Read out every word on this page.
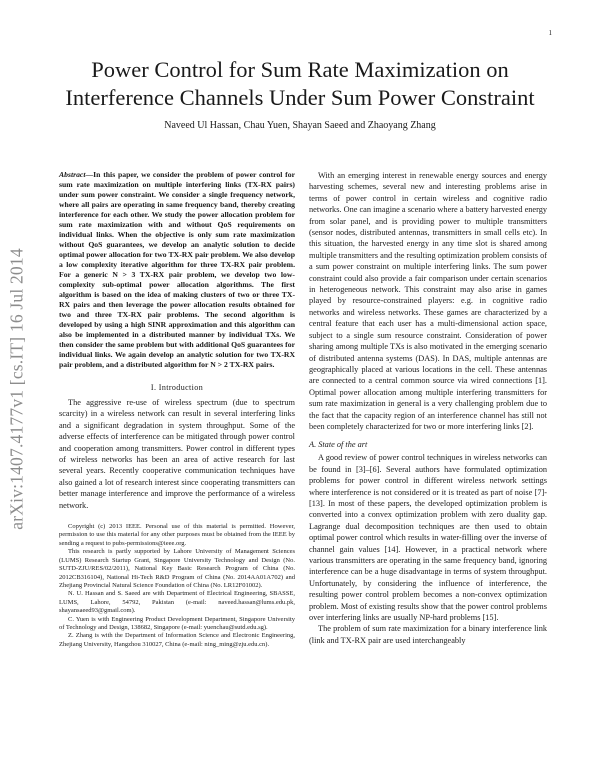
1
arXiv:1407.4177v1 [cs.IT] 16 Jul 2014
Power Control for Sum Rate Maximization on
Interference Channels Under Sum Power Constraint
Naveed Ul Hassan, Chau Yuen, Shayan Saeed and Zhaoyang Zhang

Abstract—In this paper, we consider the problem of power control for sum rate maximization on multiple interfering links (TX-RX pairs) under sum power constraint. We consider a single frequency network, where all pairs are operating in same frequency band, thereby creating interference for each other. We study the power allocation problem for sum rate maximization with and without QoS requirements on individual links. When the objective is only sum rate maximization without QoS guarantees, we develop an analytic solution to decide optimal power allocation for two TX-RX pair problem. We also develop a low complexity iterative algorithm for three TX-RX pair problem. For a generic N > 3 TX-RX pair problem, we develop two low-complexity sub-optimal power allocation algorithms. The first algorithm is based on the idea of making clusters of two or three TX-RX pairs and then leverage the power allocation results obtained for two and three TX-RX pair problems. The second algorithm is developed by using a high SINR approximation and this algorithm can also be implemented in a distributed manner by individual TXs. We then consider the same problem but with additional QoS guarantees for individual links. We again develop an analytic solution for two TX-RX pair problem, and a distributed algorithm for N > 2 TX-RX pairs.

I. Introduction

The aggressive re-use of wireless spectrum (due to spectrum scarcity) in a wireless network can result in several interfering links and a significant degradation in system throughput. Some of the adverse effects of interference can be mitigated through power control and cooperation among transmitters. Power control in different types of wireless networks has been an area of active research for last several years. Recently cooperative communication techniques have also gained a lot of research interest since cooperating transmitters can better manage interference and improve the performance of a wireless network.

Copyright (c) 2013 IEEE. Personal use of this material is permitted. However, permission to use this material for any other purposes must be obtained from the IEEE by sending a request to pubs-permissions@ieee.org.

This research is partly supported by Lahore University of Management Sciences (LUMS) Research Startup Grant, Singapore University Technology and Design (No. SUTD-ZJU/RES/02/2011), National Key Basic Research Program of China (No. 2012CB316104), National Hi-Tech R&D Program of China (No. 2014AA01A702) and Zhejiang Provincial Natural Science Foundation of China (No. LR12F01002).

N. U. Hassan and S. Saeed are with Department of Electrical Engineering, SBASSE, LUMS, Lahore, 54792, Pakistan (e-mail: naveed.hassan@lums.edu.pk, shayansaeed93@gmail.com).

C. Yuen is with Engineering Product Development Department, Singapore University of Technology and Design, 138682, Singapore (e-mail: yuenchau@sutd.edu.sg).

Z. Zhang is with the Department of Information Science and Electronic Engineering, Zhejiang University, Hangzhou 310027, China (e-mail: ning_ming@zju.edu.cn).

With an emerging interest in renewable energy sources and energy harvesting schemes, several new and interesting problems arise in terms of power control in certain wireless and cognitive radio networks. One can imagine a scenario where a battery harvested energy from solar panel, and is providing power to multiple transmitters (sensor nodes, distributed antennas, transmitters in small cells etc). In this situation, the harvested energy in any time slot is shared among multiple transmitters and the resulting optimization problem consists of a sum power constraint on multiple interfering links. The sum power constraint could also provide a fair comparison under certain scenarios in heterogeneous network. This constraint may also arise in games played by resource-constrained players: e.g. in cognitive radio networks and wireless networks. These games are characterized by a central feature that each user has a multi-dimensional action space, subject to a single sum resource constraint. Consideration of power sharing among multiple TXs is also motivated in the emerging scenario of distributed antenna systems (DAS). In DAS, multiple antennas are geographically placed at various locations in the cell. These antennas are connected to a central common source via wired connections [1]. Optimal power allocation among multiple interfering transmitters for sum rate maximization in general is a very challenging problem due to the fact that the capacity region of an interference channel has still not been completely characterized for two or more interfering links [2].

A. State of the art

A good review of power control techniques in wireless networks can be found in [3]–[6]. Several authors have formulated optimization problems for power control in different wireless network settings where interference is not considered or it is treated as part of noise [7]- [13]. In most of these papers, the developed optimization problem is converted into a convex optimization problem with zero duality gap. Lagrange dual decomposition techniques are then used to obtain optimal power control which results in water-filling over the inverse of channel gain values [14]. However, in a practical network where various transmitters are operating in the same frequency band, ignoring interference can be a huge disadvantage in terms of system throughput. Unfortunately, by considering the influence of interference, the resulting power control problem becomes a non-convex optimization problem. Most of existing results show that the power control problems over interfering links are usually NP-hard problems [15].

The problem of sum rate maximization for a binary interference link (link and TX-RX pair are used interchangeably
